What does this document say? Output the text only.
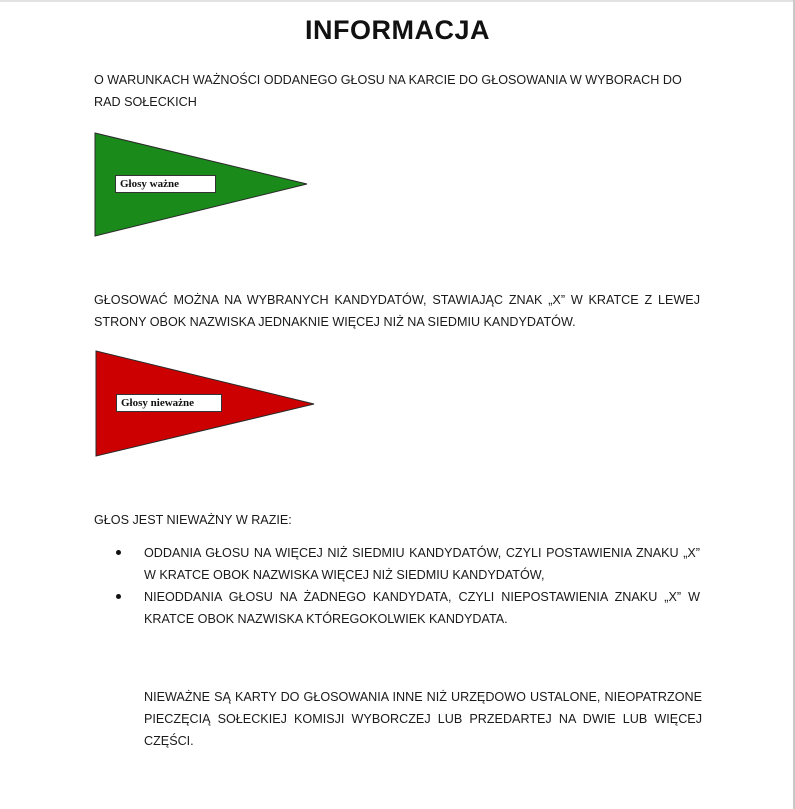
INFORMACJA
O WARUNKACH WAŻNOŚCI ODDANEGO GŁOSU NA KARCIE DO GŁOSOWANIA W WYBORACH DO RAD SOŁECKICH
Głosy ważne
GŁOSOWAĆ MOŻNA NA WYBRANYCH KANDYDATÓW, STAWIAJĄC ZNAK „X” W KRATCE Z LEWEJ STRONY OBOK NAZWISKA JEDNAKNIE WIĘCEJ NIŻ NA SIEDMIU KANDYDATÓW.
Głosy nieważne
GŁOS JEST NIEWAŻNY W RAZIE:
ODDANIA GŁOSU NA WIĘCEJ NIŻ SIEDMIU KANDYDATÓW, CZYLI POSTAWIENIA ZNAKU „X” W KRATCE OBOK NAZWISKA WIĘCEJ NIŻ SIEDMIU KANDYDATÓW,
NIEODDANIA GŁOSU NA ŻADNEGO KANDYDATA, CZYLI NIEPOSTAWIENIA ZNAKU „X” W KRATCE OBOK NAZWISKA KTÓREGOKOLWIEK KANDYDATA.
NIEWAŻNE SĄ KARTY DO GŁOSOWANIA INNE NIŻ URZĘDOWO USTALONE, NIEOPATRZONE PIECZĘCIĄ SOŁECKIEJ KOMISJI WYBORCZEJ LUB PRZEDARTEJ NA DWIE LUB WIĘCEJ CZĘŚCI.
